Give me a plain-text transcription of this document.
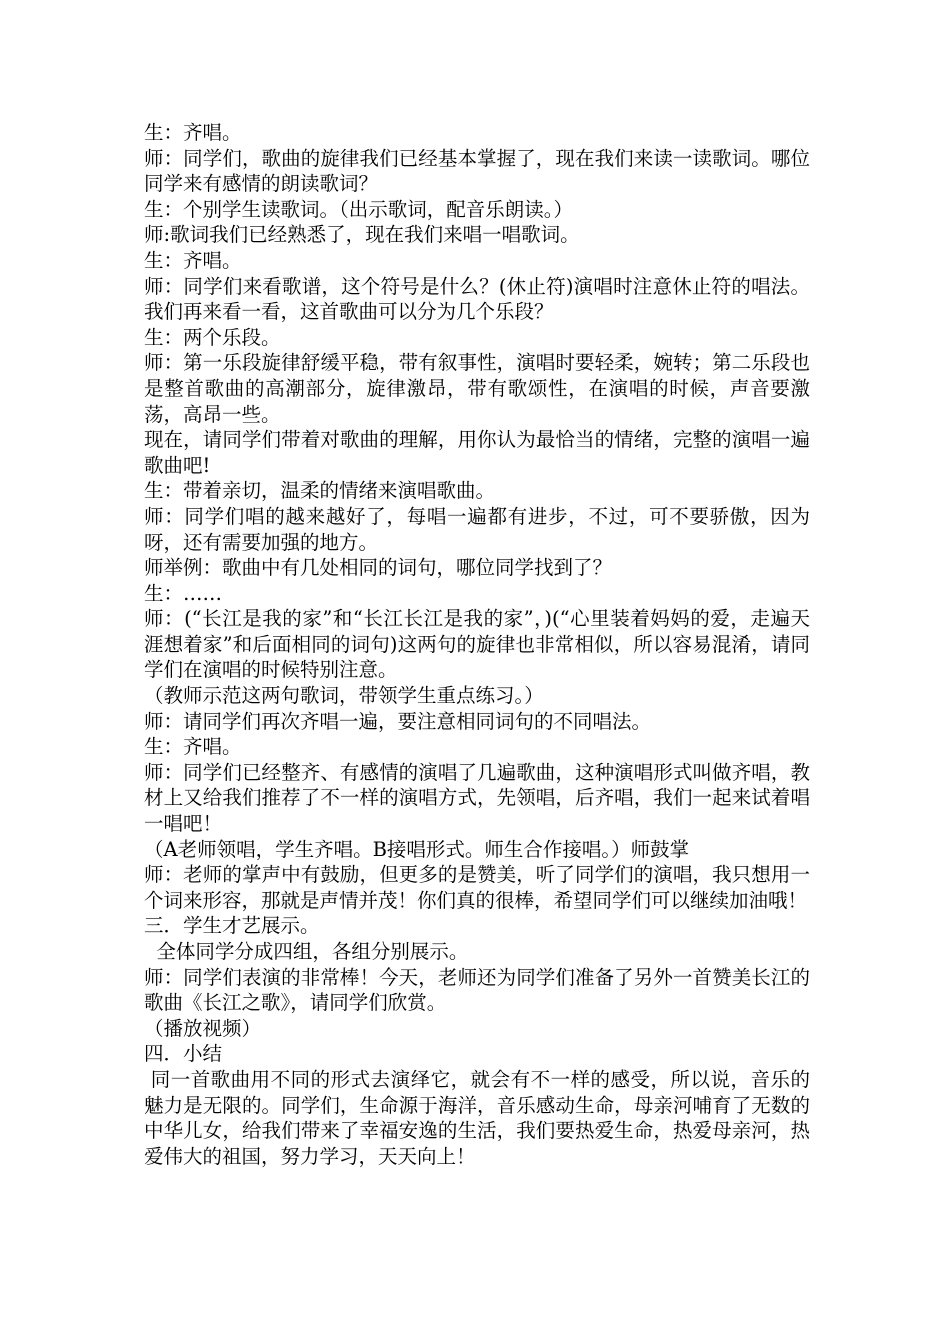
生：齐唱。

师：同学们，歌曲的旋律我们已经基本掌握了，现在我们来读一读歌词。哪位同学来有感情的朗读歌词？

生：个别学生读歌词。（出示歌词，配音乐朗读。）

师:歌词我们已经熟悉了，现在我们来唱一唱歌词。

生：齐唱。

师：同学们来看歌谱，这个符号是什么？(休止符)演唱时注意休止符的唱法。我们再来看一看，这首歌曲可以分为几个乐段？

生：两个乐段。

师：第一乐段旋律舒缓平稳，带有叙事性，演唱时要轻柔，婉转；第二乐段也是整首歌曲的高潮部分，旋律激昂，带有歌颂性，在演唱的时候，声音要激荡，高昂一些。

现在，请同学们带着对歌曲的理解，用你认为最恰当的情绪，完整的演唱一遍歌曲吧!

生：带着亲切，温柔的情绪来演唱歌曲。

师：同学们唱的越来越好了，每唱一遍都有进步，不过，可不要骄傲，因为呀，还有需要加强的地方。

师举例：歌曲中有几处相同的词句，哪位同学找到了？

生：……

师：(“长江是我的家”和“长江长江是我的家”，)(“心里装着妈妈的爱，走遍天涯想着家”和后面相同的词句)这两句的旋律也非常相似，所以容易混淆，请同学们在演唱的时候特别注意。

（教师示范这两句歌词，带领学生重点练习。）

师：请同学们再次齐唱一遍，要注意相同词句的不同唱法。

生：齐唱。

师：同学们已经整齐、有感情的演唱了几遍歌曲，这种演唱形式叫做齐唱，教材上又给我们推荐了不一样的演唱方式，先领唱，后齐唱，我们一起来试着唱一唱吧！

（A老师领唱，学生齐唱。B接唱形式。师生合作接唱。）师鼓掌

师：老师的掌声中有鼓励，但更多的是赞美，听了同学们的演唱，我只想用一个词来形容，那就是声情并茂！你们真的很棒，希望同学们可以继续加油哦！

三．学生才艺展示。

全体同学分成四组，各组分别展示。

师：同学们表演的非常棒！今天，老师还为同学们准备了另外一首赞美长江的歌曲《长江之歌》，请同学们欣赏。

（播放视频）

四．小结

同一首歌曲用不同的形式去演绎它，就会有不一样的感受，所以说，音乐的魅力是无限的。同学们，生命源于海洋，音乐感动生命，母亲河哺育了无数的中华儿女，给我们带来了幸福安逸的生活，我们要热爱生命，热爱母亲河，热爱伟大的祖国，努力学习，天天向上！
